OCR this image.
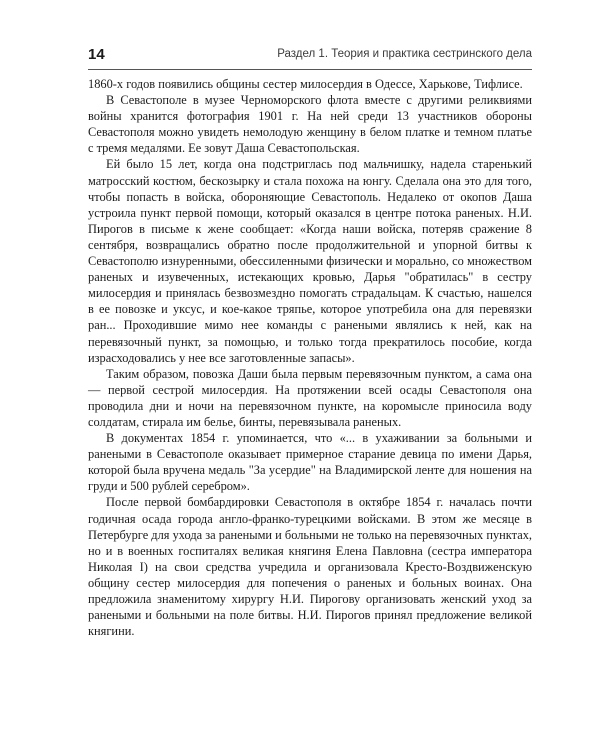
14	Раздел 1. Теория и практика сестринского дела

1860-х годов появились общины сестер милосердия в Одессе, Харькове, Тифлисе.

В Севастополе в музее Черноморского флота вместе с другими реликвиями войны хранится фотография 1901 г. На ней среди 13 участников обороны Севастополя можно увидеть немолодую женщину в белом платке и темном платье с тремя медалями. Ее зовут Даша Севастопольская.

Ей было 15 лет, когда она подстриглась под мальчишку, надела старенький матросский костюм, бескозырку и стала похожа на юнгу. Сделала она это для того, чтобы попасть в войска, обороняющие Севастополь. Недалеко от окопов Даша устроила пункт первой помощи, который оказался в центре потока раненых. Н.И. Пирогов в письме к жене сообщает: «Когда наши войска, потеряв сражение 8 сентября, возвращались обратно после продолжительной и упорной битвы к Севастополю изнуренными, обессиленными физически и морально, со множеством раненых и изувеченных, истекающих кровью, Дарья "обратилась" в сестру милосердия и принялась безвозмездно помогать страдальцам. К счастью, нашелся в ее повозке и уксус, и кое-какое тряпье, которое употребила она для перевязки ран... Проходившие мимо нее команды с ранеными являлись к ней, как на перевязочный пункт, за помощью, и только тогда прекратилось пособие, когда израсходовались у нее все заготовленные запасы».

Таким образом, повозка Даши была первым перевязочным пунктом, а сама она — первой сестрой милосердия. На протяжении всей осады Севастополя она проводила дни и ночи на перевязочном пункте, на коромысле приносила воду солдатам, стирала им белье, бинты, перевязывала раненых.

В документах 1854 г. упоминается, что «... в ухаживании за больными и ранеными в Севастополе оказывает примерное старание девица по имени Дарья, которой была вручена медаль "За усердие" на Владимирской ленте для ношения на груди и 500 рублей серебром».

После первой бомбардировки Севастополя в октябре 1854 г. началась почти годичная осада города англо-франко-турецкими войсками. В этом же месяце в Петербурге для ухода за ранеными и больными не только на перевязочных пунктах, но и в военных госпиталях великая княгиня Елена Павловна (сестра императора Николая I) на свои средства учредила и организовала Кресто-Воздвиженскую общину сестер милосердия для попечения о раненых и больных воинах. Она предложила знаменитому хирургу Н.И. Пирогову организовать женский уход за ранеными и больными на поле битвы. Н.И. Пирогов принял предложение великой княгини.
